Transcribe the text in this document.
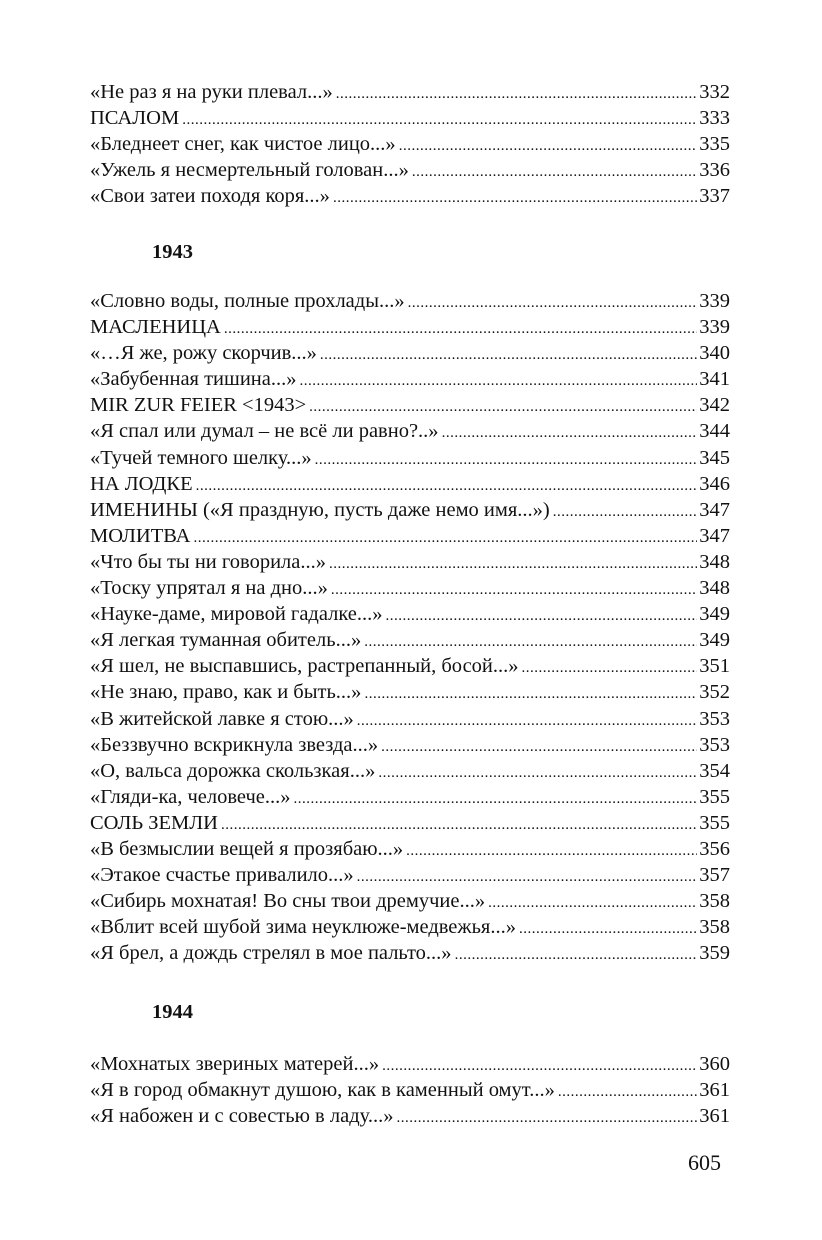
«Не раз я на руки плевал...» .....	332
ПСАЛОМ .....	333
«Бледнеет снег, как чистое лицо...» .....	335
«Ужель я несмертельный голован...» .....	336
«Свои затеи походя коря...» .....	337
1943
«Словно воды, полные прохлады...» .....	339
МАСЛЕНИЦА .....	339
«…Я же, рожу скорчив...» .....	340
«Забубенная тишина...» .....	341
MIR ZUR FEIER <1943> .....	342
«Я спал или думал – не всё ли равно?..» .....	344
«Тучей темного шелку...» .....	345
НА ЛОДКЕ .....	346
ИМЕНИНЫ («Я праздную, пусть даже немо имя...») .....	347
МОЛИТВА .....	347
«Что бы ты ни говорила...» .....	348
«Тоску упрятал я на дно...» .....	348
«Науке-даме, мировой гадалке...» .....	349
«Я легкая туманная обитель...» .....	349
«Я шел, не выспавшись, растрепанный, босой...» .....	351
«Не знаю, право, как и быть...» .....	352
«В житейской лавке я стою...» .....	353
«Беззвучно вскрикнула звезда...» .....	353
«О, вальса дорожка скользкая...» .....	354
«Гляди-ка, человече...» .....	355
СОЛЬ ЗЕМЛИ .....	355
«В безмыслии вещей я прозябаю...» .....	356
«Этакое счастье привалило...» .....	357
«Сибирь мохнатая! Во сны твои дремучие...» .....	358
«Вблит всей шубой зима неуклюже-медвежья...» .....	358
«Я брел, а дождь стрелял в мое пальто...» .....	359
1944
«Мохнатых звериных матерей...» .....	360
«Я в город обмакнут душою, как в каменный омут...» .....	361
«Я набожен и с совестью в ладу...» .....	361
605
